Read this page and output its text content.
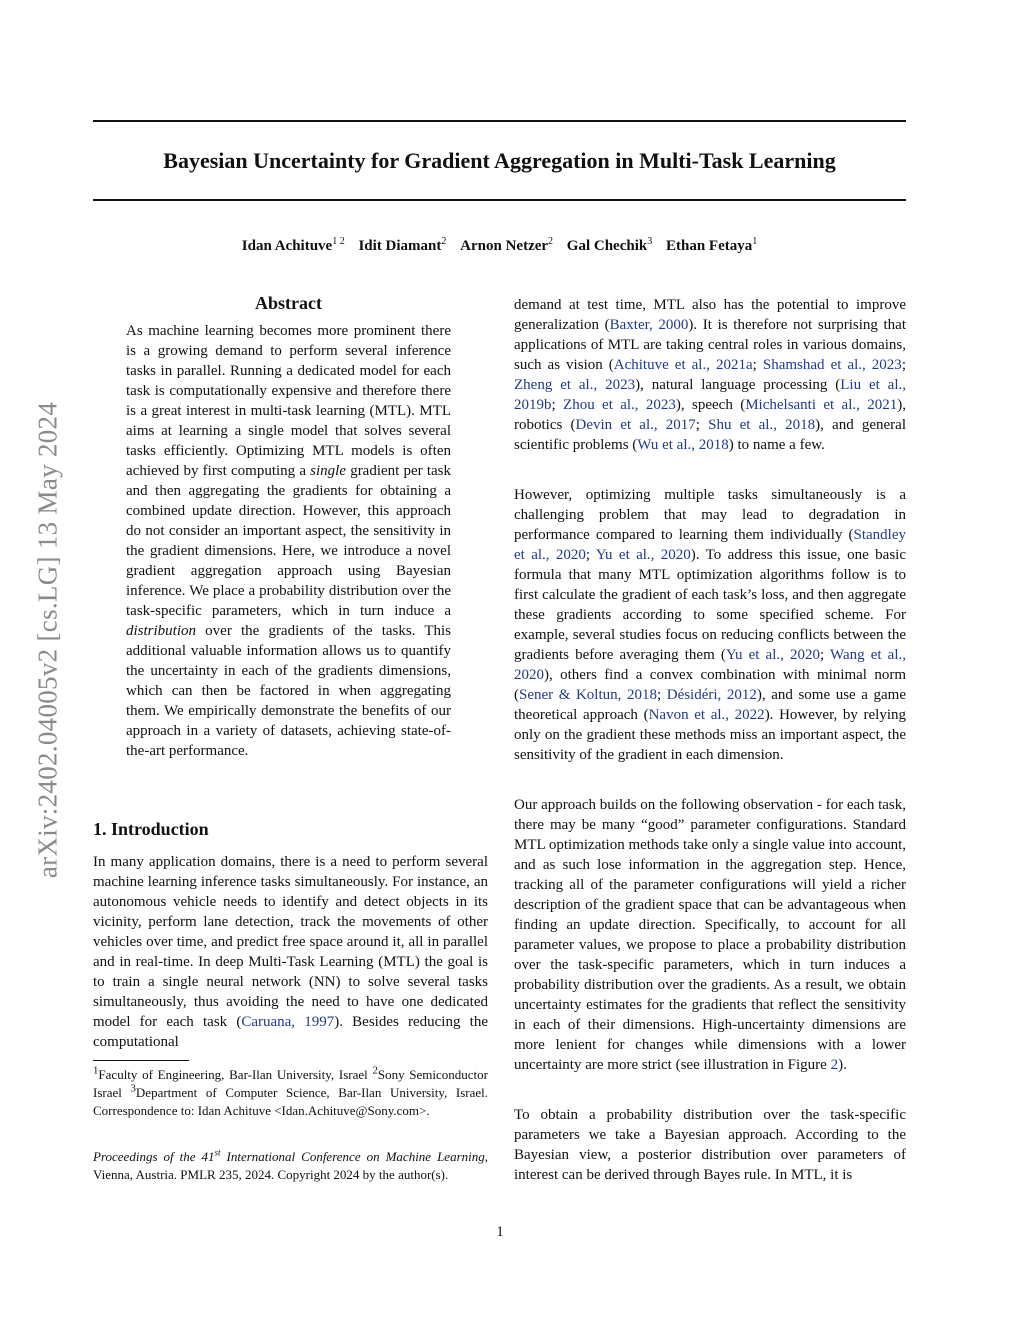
Bayesian Uncertainty for Gradient Aggregation in Multi-Task Learning
Idan Achituve$^{1 2}$ Idit Diamant$^2$ Arnon Netzer$^2$ Gal Chechik$^3$ Ethan Fetaya$^1$
arXiv:2402.04005v2 [cs.LG] 13 May 2024
Abstract

As machine learning becomes more prominent there is a growing demand to perform several inference tasks in parallel. Running a dedicated model for each task is computationally expensive and therefore there is a great interest in multi-task learning (MTL). MTL aims at learning a single model that solves several tasks efficiently. Optimizing MTL models is often achieved by first computing a single gradient per task and then aggregating the gradients for obtaining a combined update direction. However, this approach do not consider an important aspect, the sensitivity in the gradient dimensions. Here, we introduce a novel gradient aggregation approach using Bayesian inference. We place a probability distribution over the task-specific parameters, which in turn induce a distribution over the gradients of the tasks. This additional valuable information allows us to quantify the uncertainty in each of the gradients dimensions, which can then be factored in when aggregating them. We empirically demonstrate the benefits of our approach in a variety of datasets, achieving state-of-the-art performance.

1. Introduction

In many application domains, there is a need to perform several machine learning inference tasks simultaneously. For instance, an autonomous vehicle needs to identify and detect objects in its vicinity, perform lane detection, track the movements of other vehicles over time, and predict free space around it, all in parallel and in real-time. In deep Multi-Task Learning (MTL) the goal is to train a single neural network (NN) to solve several tasks simultaneously, thus avoiding the need to have one dedicated model for each task (Caruana, 1997). Besides reducing the computational

$^1$Faculty of Engineering, Bar-Ilan University, Israel $^2$Sony Semiconductor Israel $^3$Department of Computer Science, Bar-Ilan University, Israel. Correspondence to: Idan Achituve <Idan.Achituve@Sony.com>.

Proceedings of the 41st International Conference on Machine Learning, Vienna, Austria. PMLR 235, 2024. Copyright 2024 by the author(s).

demand at test time, MTL also has the potential to improve generalization (Baxter, 2000). It is therefore not surprising that applications of MTL are taking central roles in various domains, such as vision (Achituve et al., 2021a; Shamshad et al., 2023; Zheng et al., 2023), natural language processing (Liu et al., 2019b; Zhou et al., 2023), speech (Michelsanti et al., 2021), robotics (Devin et al., 2017; Shu et al., 2018), and general scientific problems (Wu et al., 2018) to name a few.

However, optimizing multiple tasks simultaneously is a challenging problem that may lead to degradation in performance compared to learning them individually (Standley et al., 2020; Yu et al., 2020). To address this issue, one basic formula that many MTL optimization algorithms follow is to first calculate the gradient of each task’s loss, and then aggregate these gradients according to some specified scheme. For example, several studies focus on reducing conflicts between the gradients before averaging them (Yu et al., 2020; Wang et al., 2020), others find a convex combination with minimal norm (Sener & Koltun, 2018; Désidéri, 2012), and some use a game theoretical approach (Navon et al., 2022). However, by relying only on the gradient these methods miss an important aspect, the sensitivity of the gradient in each dimension.

Our approach builds on the following observation - for each task, there may be many “good” parameter configurations. Standard MTL optimization methods take only a single value into account, and as such lose information in the aggregation step. Hence, tracking all of the parameter configurations will yield a richer description of the gradient space that can be advantageous when finding an update direction. Specifically, to account for all parameter values, we propose to place a probability distribution over the task-specific parameters, which in turn induces a probability distribution over the gradients. As a result, we obtain uncertainty estimates for the gradients that reflect the sensitivity in each of their dimensions. High-uncertainty dimensions are more lenient for changes while dimensions with a lower uncertainty are more strict (see illustration in Figure 2).

To obtain a probability distribution over the task-specific parameters we take a Bayesian approach. According to the Bayesian view, a posterior distribution over parameters of interest can be derived through Bayes rule. In MTL, it is

1
